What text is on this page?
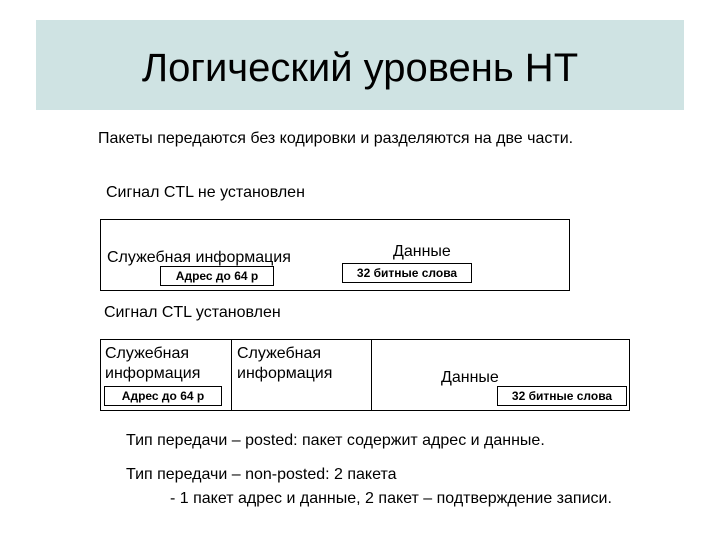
Логический уровень НТ
Пакеты передаются без кодировки и разделяются на две части.
Сигнал CTL не установлен
Служебная информация	Данные
Адрес до 64 р	32 битные слова
Сигнал CTL установлен
Служебная
информация
Служебная
информация	Данные
Адрес до 64 р	32 битные слова
Тип передачи – posted: пакет содержит адрес и данные.
Тип передачи – non-posted: 2 пакета
- 1 пакет адрес и данные, 2 пакет – подтверждение записи.
